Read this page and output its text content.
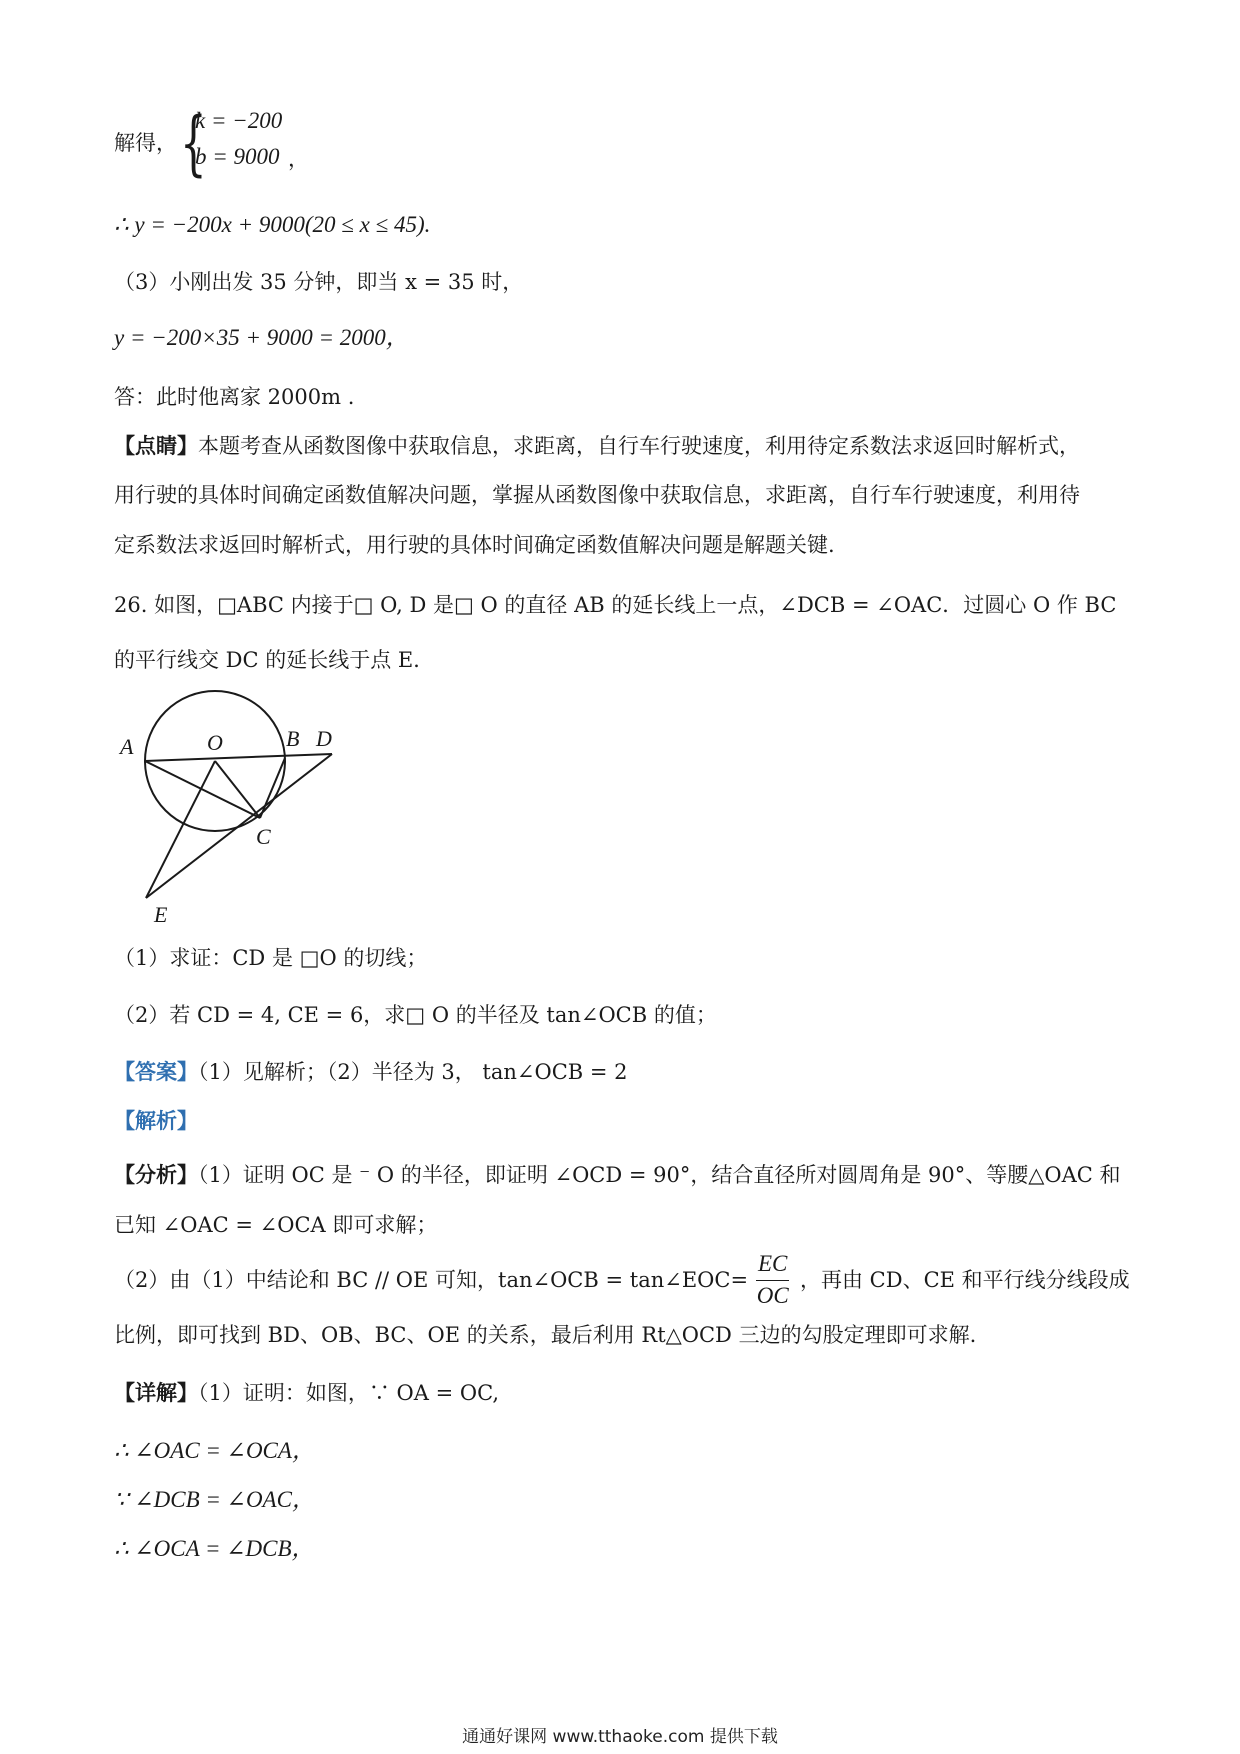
解得， {
k = −200
b = 9000 ，
∴ y = −200x + 9000(20 ≤ x ≤ 45).
（3）小刚出发 35 分钟，即当 x = 35 时，
y = −200×35 + 9000 = 2000，
答：此时他离家 2000m .
【点睛】本题考查从函数图像中获取信息，求距离，自行车行驶速度，利用待定系数法求返回时解析式，
用行驶的具体时间确定函数值解决问题，掌握从函数图像中获取信息，求距离，自行车行驶速度，利用待
定系数法求返回时解析式，用行驶的具体时间确定函数值解决问题是解题关键.
26. 如图，□ABC 内接于□ O, D 是□ O 的直径 AB 的延长线上一点，∠DCB = ∠OAC．过圆心 O 作 BC
的平行线交 DC 的延长线于点 E．
A	O	B D
C
E
（1）求证：CD 是 □O 的切线；
（2）若 CD = 4, CE = 6，求□ O 的半径及 tan∠OCB 的值；
【答案】（1）见解析；（2）半径为 3， tan∠OCB = 2
【解析】
【分析】（1）证明 OC 是 ⁻ O 的半径，即证明 ∠OCD = 90°，结合直径所对圆周角是 90°、等腰△OAC 和
已知 ∠OAC = ∠OCA 即可求解；
（2）由（1）中结论和 BC // OE 可知，tan∠OCB = tan∠EOC= $\frac{EC}{OC}$ ，再由 CD、CE 和平行线分线段成
比例，即可找到 BD、OB、BC、OE 的关系，最后利用 Rt△OCD 三边的勾股定理即可求解.
【详解】（1）证明：如图，∵ OA = OC,
∴ ∠OAC = ∠OCA，
∵ ∠DCB = ∠OAC，
∴ ∠OCA = ∠DCB，
通通好课网 www.tthaoke.com 提供下载
